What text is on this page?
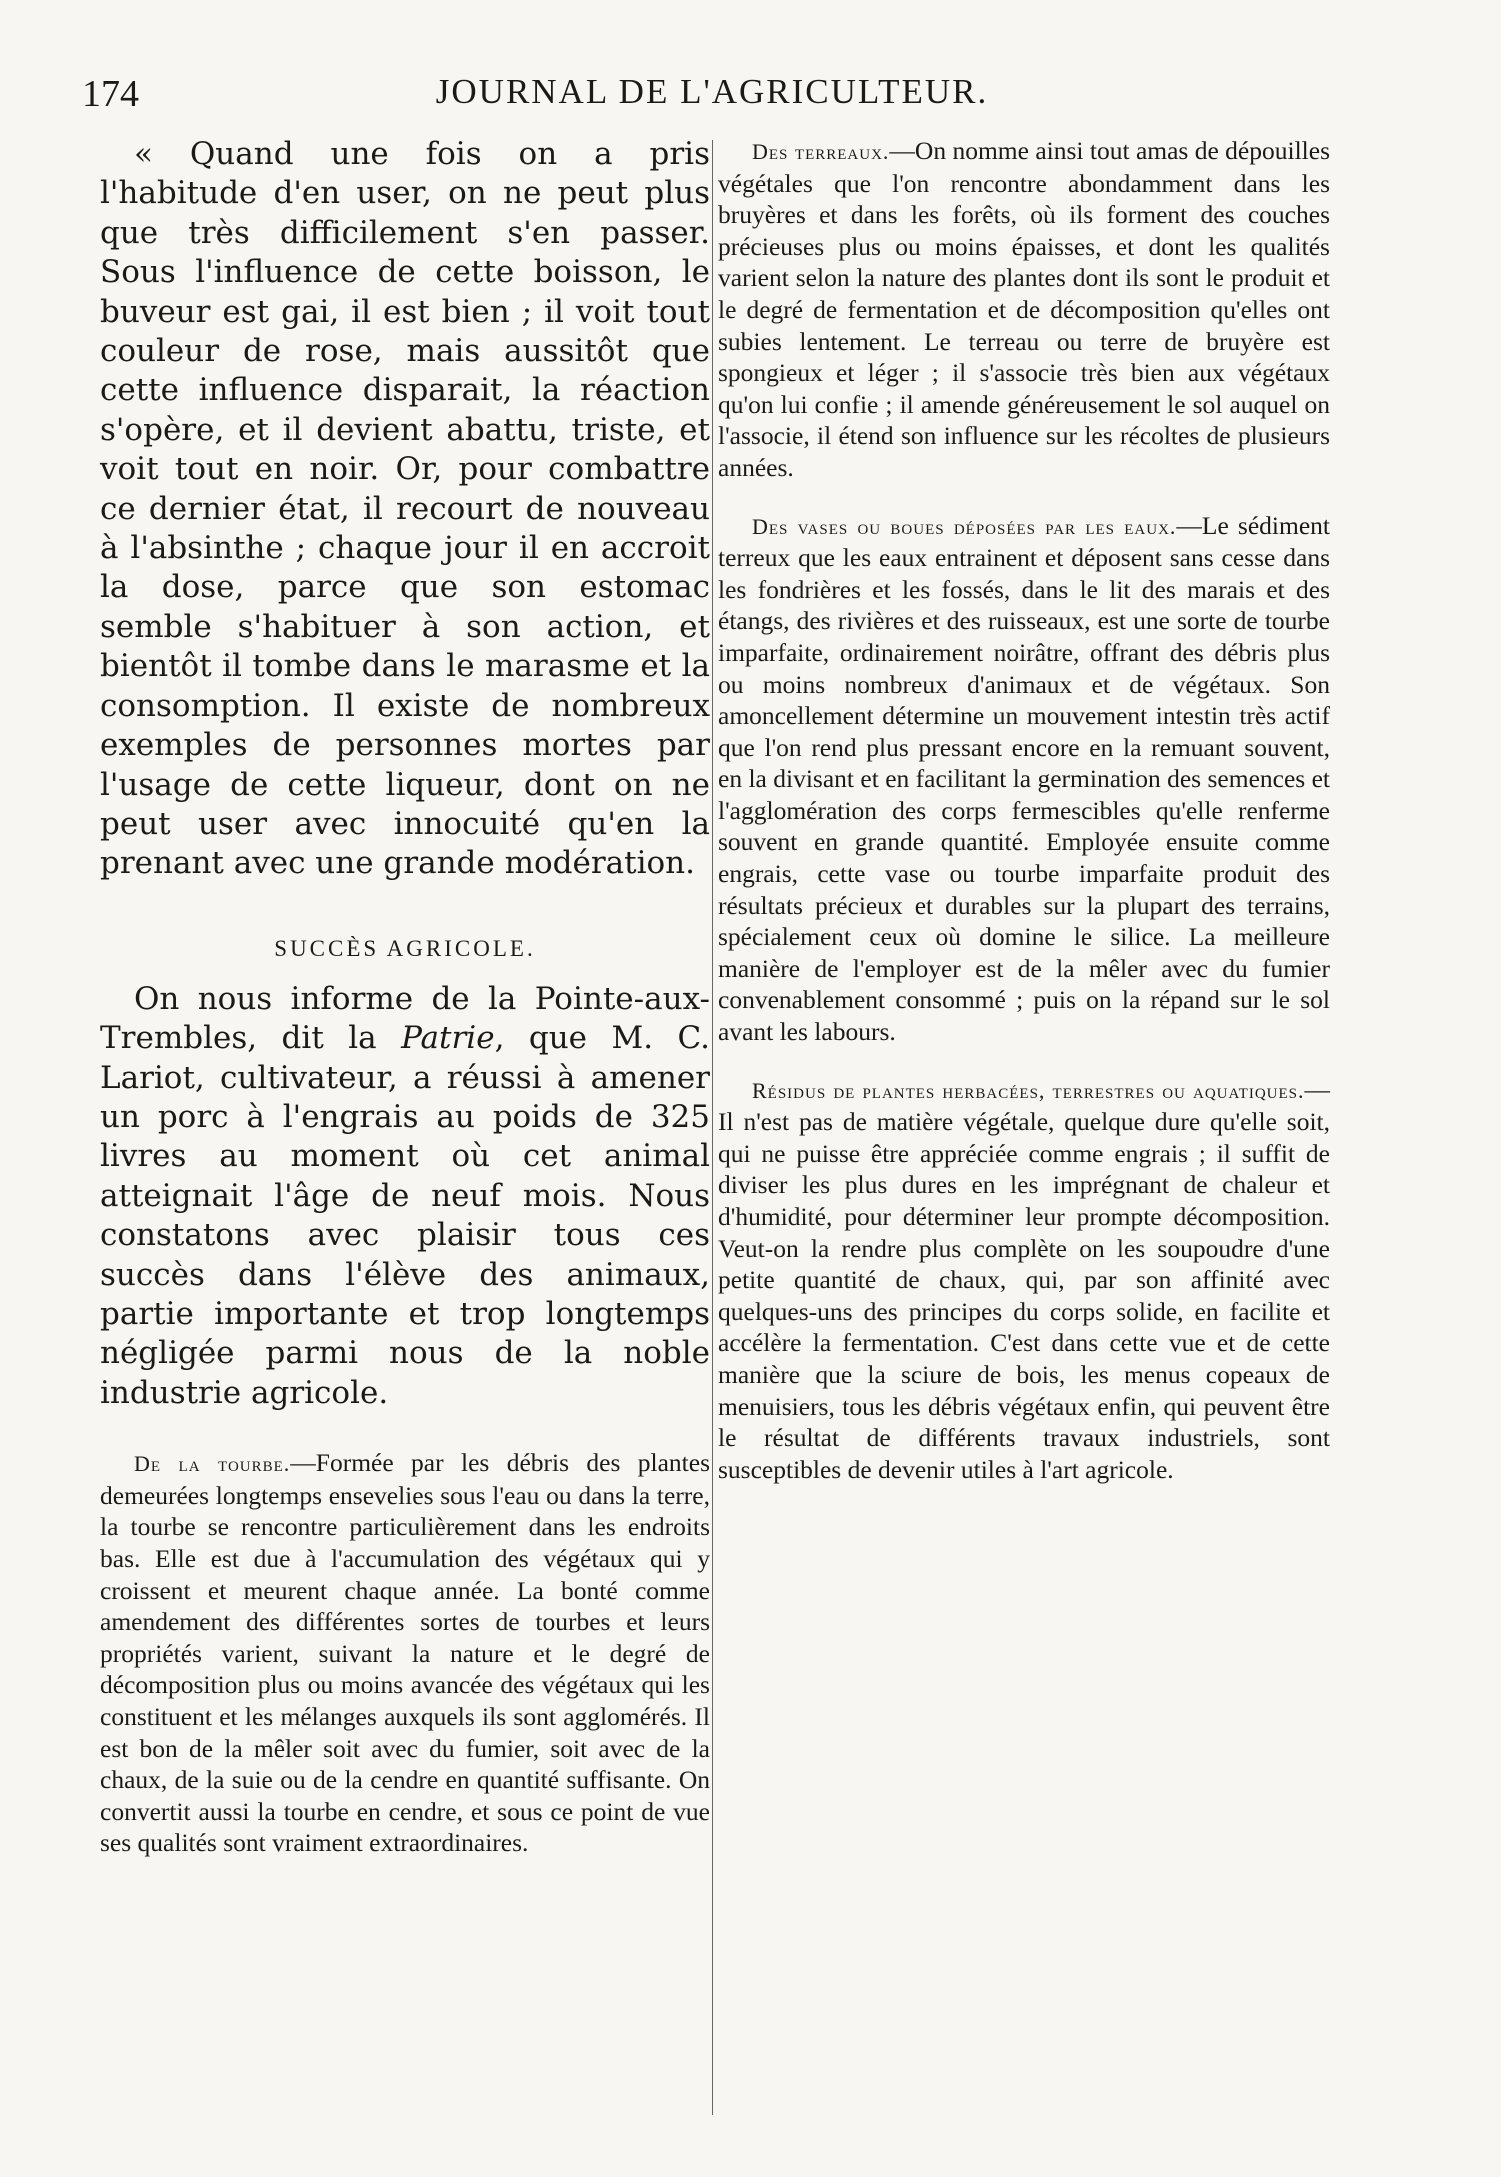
174	JOURNAL DE L'AGRICULTEUR.

« Quand une fois on a pris l'habitude d'en user, on ne peut plus que très difficilement s'en passer. Sous l'influence de cette boisson, le buveur est gai, il est bien ; il voit tout couleur de rose, mais aussitôt que cette influence disparait, la réaction s'opère, et il devient abattu, triste, et voit tout en noir. Or, pour combattre ce dernier état, il recourt de nouveau à l'absinthe ; chaque jour il en accroit la dose, parce que son estomac semble s'habituer à son action, et bientôt il tombe dans le marasme et la consomption. Il existe de nombreux exemples de personnes mortes par l'usage de cette liqueur, dont on ne peut user avec innocuité qu'en la prenant avec une grande modération.

SUCCÈS AGRICOLE.

On nous informe de la Pointe-aux-Trembles, dit la Patrie, que M. C. Lariot, cultivateur, a réussi à amener un porc à l'engrais au poids de 325 livres au moment où cet animal atteignait l'âge de neuf mois. Nous constatons avec plaisir tous ces succès dans l'élève des animaux, partie importante et trop longtemps négligée parmi nous de la noble industrie agricole.

De la tourbe.—Formée par les débris des plantes demeurées longtemps ensevelies sous l'eau ou dans la terre, la tourbe se rencontre particulièrement dans les endroits bas. Elle est due à l'accumulation des végétaux qui y croissent et meurent chaque année. La bonté comme amendement des différentes sortes de tourbes et leurs propriétés varient, suivant la nature et le degré de décomposition plus ou moins avancée des végétaux qui les constituent et les mélanges auxquels ils sont agglomérés. Il est bon de la mêler soit avec du fumier, soit avec de la chaux, de la suie ou de la cendre en quantité suffisante. On convertit aussi la tourbe en cendre, et sous ce point de vue ses qualités sont vraiment extraordinaires.

Des terreaux.—On nomme ainsi tout amas de dépouilles végétales que l'on rencontre abondamment dans les bruyères et dans les forêts, où ils forment des couches précieuses plus ou moins épaisses, et dont les qualités varient selon la nature des plantes dont ils sont le produit et le degré de fermentation et de décomposition qu'elles ont subies lentement. Le terreau ou terre de bruyère est spongieux et léger ; il s'associe très bien aux végétaux qu'on lui confie ; il amende généreusement le sol auquel on l'associe, il étend son influence sur les récoltes de plusieurs années.

Des vases ou boues déposées par les eaux.—Le sédiment terreux que les eaux entrainent et déposent sans cesse dans les fondrières et les fossés, dans le lit des marais et des étangs, des rivières et des ruisseaux, est une sorte de tourbe imparfaite, ordinairement noirâtre, offrant des débris plus ou moins nombreux d'animaux et de végétaux. Son amoncellement détermine un mouvement intestin très actif que l'on rend plus pressant encore en la remuant souvent, en la divisant et en facilitant la germination des semences et l'agglomération des corps fermescibles qu'elle renferme souvent en grande quantité. Employée ensuite comme engrais, cette vase ou tourbe imparfaite produit des résultats précieux et durables sur la plupart des terrains, spécialement ceux où domine le silice. La meilleure manière de l'employer est de la mêler avec du fumier convenablement consommé ; puis on la répand sur le sol avant les labours.

Résidus de plantes herbacées, terrestres ou aquatiques.—Il n'est pas de matière végétale, quelque dure qu'elle soit, qui ne puisse être appréciée comme engrais ; il suffit de diviser les plus dures en les imprégnant de chaleur et d'humidité, pour déterminer leur prompte décomposition. Veut-on la rendre plus complète on les soupoudre d'une petite quantité de chaux, qui, par son affinité avec quelques-uns des principes du corps solide, en facilite et accélère la fermentation. C'est dans cette vue et de cette manière que la sciure de bois, les menus copeaux de menuisiers, tous les débris végétaux enfin, qui peuvent être le résultat de différents travaux industriels, sont susceptibles de devenir utiles à l'art agricole.
